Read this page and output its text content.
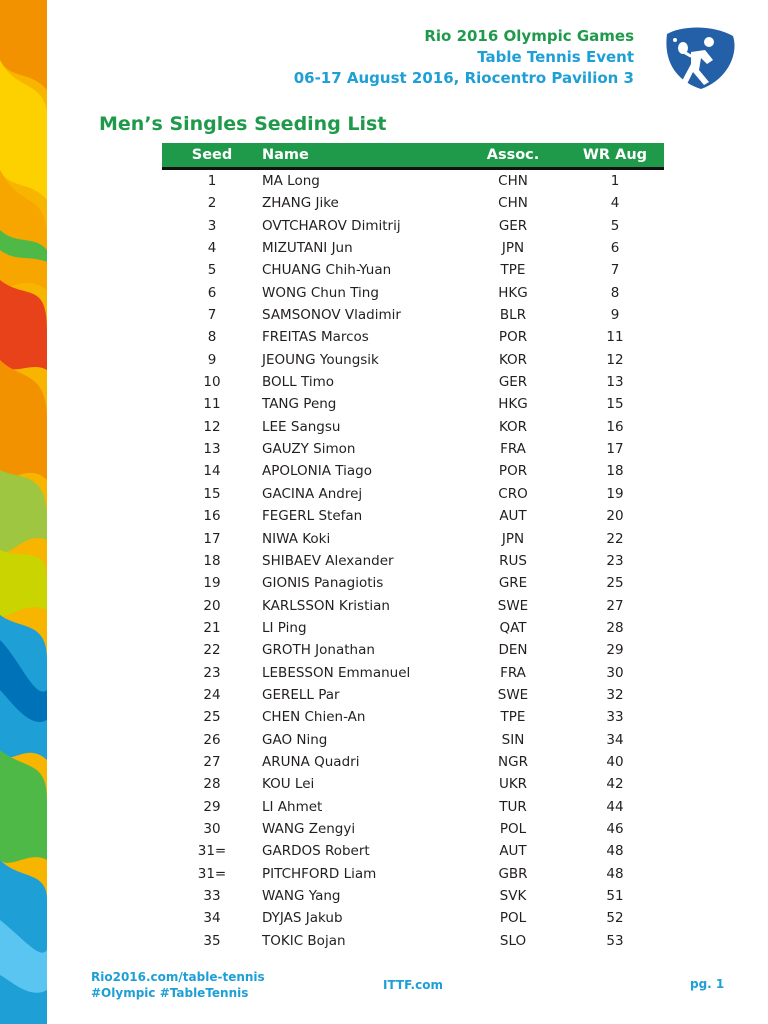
Rio 2016 Olympic Games
Table Tennis Event
06-17 August 2016, Riocentro Pavilion 3
Men’s Singles Seeding List
Seed	Name	Assoc.	WR Aug
1	MA Long	CHN	1
2	ZHANG Jike	CHN	4
3	OVTCHAROV Dimitrij	GER	5
4	MIZUTANI Jun	JPN	6
5	CHUANG Chih-Yuan	TPE	7
6	WONG Chun Ting	HKG	8
7	SAMSONOV Vladimir	BLR	9
8	FREITAS Marcos	POR	11
9	JEOUNG Youngsik	KOR	12
10	BOLL Timo	GER	13
11	TANG Peng	HKG	15
12	LEE Sangsu	KOR	16
13	GAUZY Simon	FRA	17
14	APOLONIA Tiago	POR	18
15	GACINA Andrej	CRO	19
16	FEGERL Stefan	AUT	20
17	NIWA Koki	JPN	22
18	SHIBAEV Alexander	RUS	23
19	GIONIS Panagiotis	GRE	25
20	KARLSSON Kristian	SWE	27
21	LI Ping	QAT	28
22	GROTH Jonathan	DEN	29
23	LEBESSON Emmanuel	FRA	30
24	GERELL Par	SWE	32
25	CHEN Chien-An	TPE	33
26	GAO Ning	SIN	34
27	ARUNA Quadri	NGR	40
28	KOU Lei	UKR	42
29	LI Ahmet	TUR	44
30	WANG Zengyi	POL	46
31=	GARDOS Robert	AUT	48
31=	PITCHFORD Liam	GBR	48
33	WANG Yang	SVK	51
34	DYJAS Jakub	POL	52
35	TOKIC Bojan	SLO	53
Rio2016.com/table-tennis
#Olympic #TableTennis
ITTF.com	pg. 1
